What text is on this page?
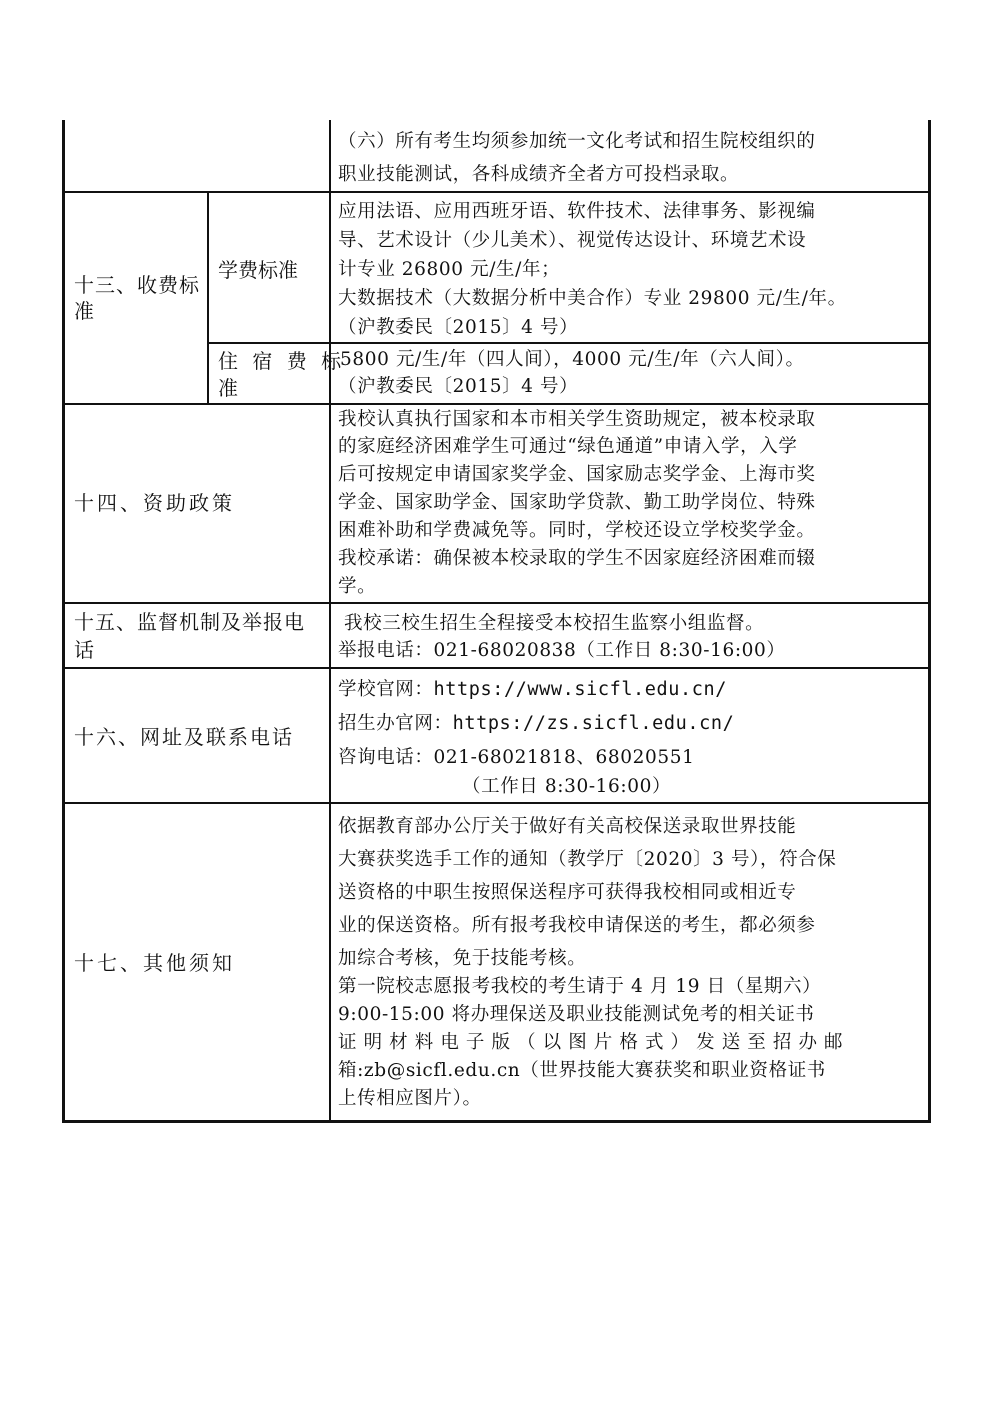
（六）所有考生均须参加统一文化考试和招生院校组织的
职业技能测试，各科成绩齐全者方可投档录取。
十三、收费标
准
学费标准
应用法语、应用西班牙语、软件技术、法律事务、影视编
导、艺术设计（少儿美术）、视觉传达设计、环境艺术设
计专业 26800 元/生/年；
大数据技术（大数据分析中美合作）专业 29800 元/生/年。
（沪教委民〔2015〕4 号）
住 宿 费 标
准
5800 元/生/年（四人间），4000 元/生/年（六人间）。
（沪教委民〔2015〕4 号）
十四、资助政策
我校认真执行国家和本市相关学生资助规定，被本校录取
的家庭经济困难学生可通过“绿色通道”申请入学，入学
后可按规定申请国家奖学金、国家励志奖学金、上海市奖
学金、国家助学金、国家助学贷款、勤工助学岗位、特殊
困难补助和学费减免等。同时，学校还设立学校奖学金。
我校承诺：确保被本校录取的学生不因家庭经济困难而辍
学。
十五、监督机制及举报电
话
我校三校生招生全程接受本校招生监察小组监督。
举报电话：021-68020838（工作日 8:30-16:00）
十六、网址及联系电话
学校官网：https://www.sicfl.edu.cn/
招生办官网：https://zs.sicfl.edu.cn/
咨询电话：021-68021818、68020551
（工作日 8:30-16:00）
十七、其他须知
依据教育部办公厅关于做好有关高校保送录取世界技能
大赛获奖选手工作的通知（教学厅〔2020〕3 号），符合保
送资格的中职生按照保送程序可获得我校相同或相近专
业的保送资格。所有报考我校申请保送的考生，都必须参
加综合考核，免于技能考核。
第一院校志愿报考我校的考生请于 4 月 19 日（星期六）
9:00-15:00 将办理保送及职业技能测试免考的相关证书
证 明 材 料 电 子 版 （ 以 图 片 格 式 ） 发 送 至 招 办 邮
箱:zb@sicfl.edu.cn（世界技能大赛获奖和职业资格证书
上传相应图片）。
